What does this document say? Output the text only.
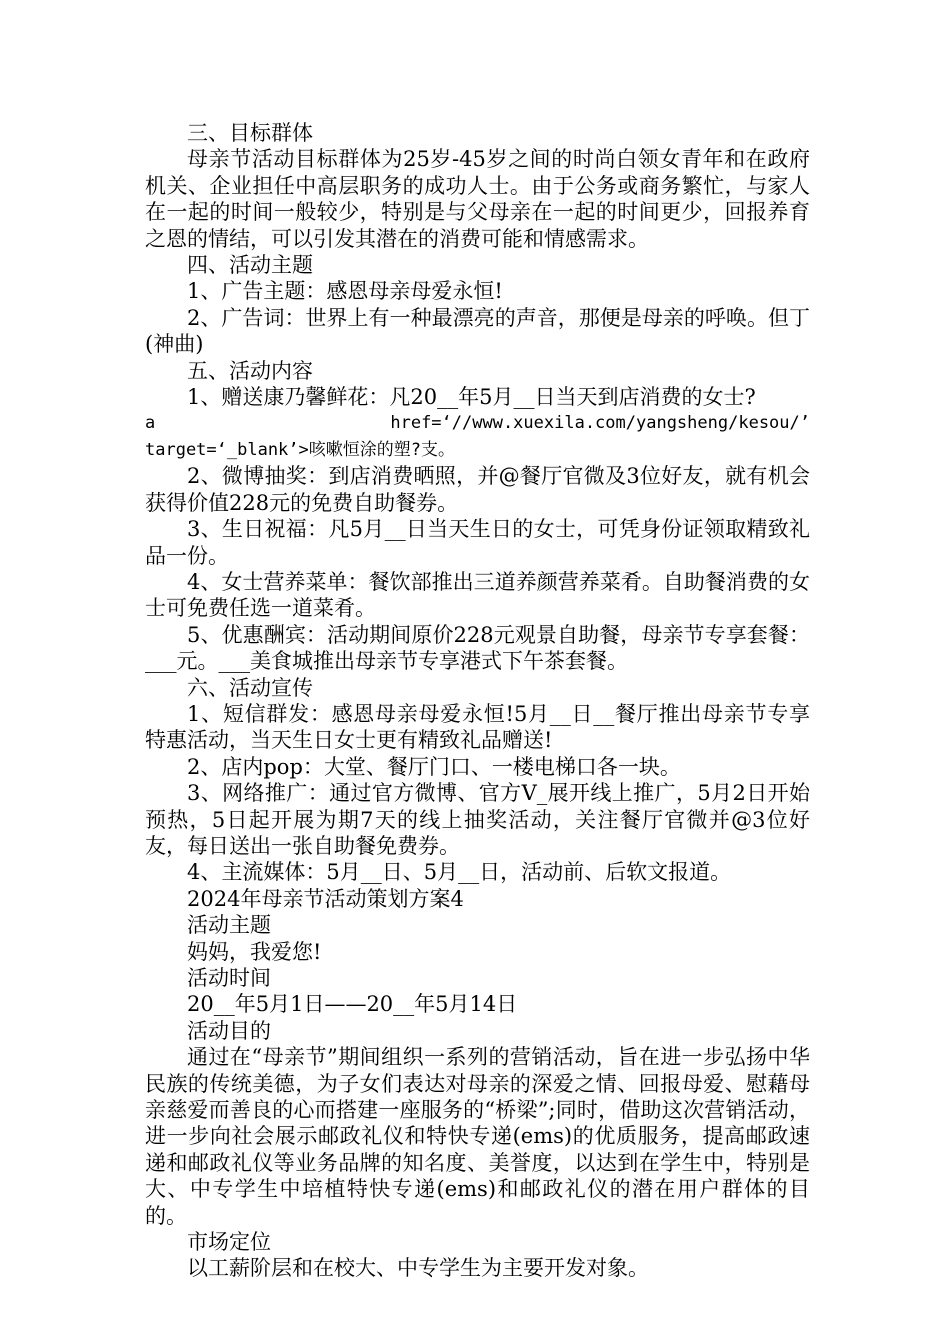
三、目标群体

母亲节活动目标群体为25岁-45岁之间的时尚白领女青年和在政府机关、企业担任中高层职务的成功人士。由于公务或商务繁忙，与家人在一起的时间一般较少，特别是与父母亲在一起的时间更少，回报养育之恩的情结，可以引发其潜在的消费可能和情感需求。

四、活动主题

1、广告主题：感恩母亲母爱永恒!

2、广告词：世界上有一种最漂亮的声音，那便是母亲的呼唤。但丁(神曲)

五、活动内容

1、赠送康乃馨鲜花：凡20__年5月__日当天到店消费的女士?

a	href=‘//www.xuexila.com/yangsheng/kesou/’
target=‘_blank’>咳嗽恒涂的塑?支。

2、微博抽奖：到店消费晒照，并@餐厅官微及3位好友，就有机会获得价值228元的免费自助餐券。

3、生日祝福：凡5月__日当天生日的女士，可凭身份证领取精致礼品一份。

4、女士营养菜单：餐饮部推出三道养颜营养菜肴。自助餐消费的女士可免费任选一道菜肴。

5、优惠酬宾：活动期间原价228元观景自助餐，母亲节专享套餐：___元。___美食城推出母亲节专享港式下午茶套餐。

六、活动宣传

1、短信群发：感恩母亲母爱永恒!5月__日__餐厅推出母亲节专享特惠活动，当天生日女士更有精致礼品赠送!

2、店内pop：大堂、餐厅门口、一楼电梯口各一块。

3、网络推广：通过官方微博、官方V_展开线上推广，5月2日开始预热，5日起开展为期7天的线上抽奖活动，关注餐厅官微并@3位好友，每日送出一张自助餐免费券。

4、主流媒体：5月__日、5月__日，活动前、后软文报道。

2024年母亲节活动策划方案4

活动主题

妈妈，我爱您!

活动时间

20__年5月1日——20__年5月14日

活动目的

通过在“母亲节”期间组织一系列的营销活动，旨在进一步弘扬中华民族的传统美德，为子女们表达对母亲的深爱之情、回报母爱、慰藉母亲慈爱而善良的心而搭建一座服务的“桥梁”;同时，借助这次营销活动，进一步向社会展示邮政礼仪和特快专递(ems)的优质服务，提高邮政速递和邮政礼仪等业务品牌的知名度、美誉度，以达到在学生中，特别是大、中专学生中培植特快专递(ems)和邮政礼仪的潜在用户群体的目的。

市场定位

以工薪阶层和在校大、中专学生为主要开发对象。
